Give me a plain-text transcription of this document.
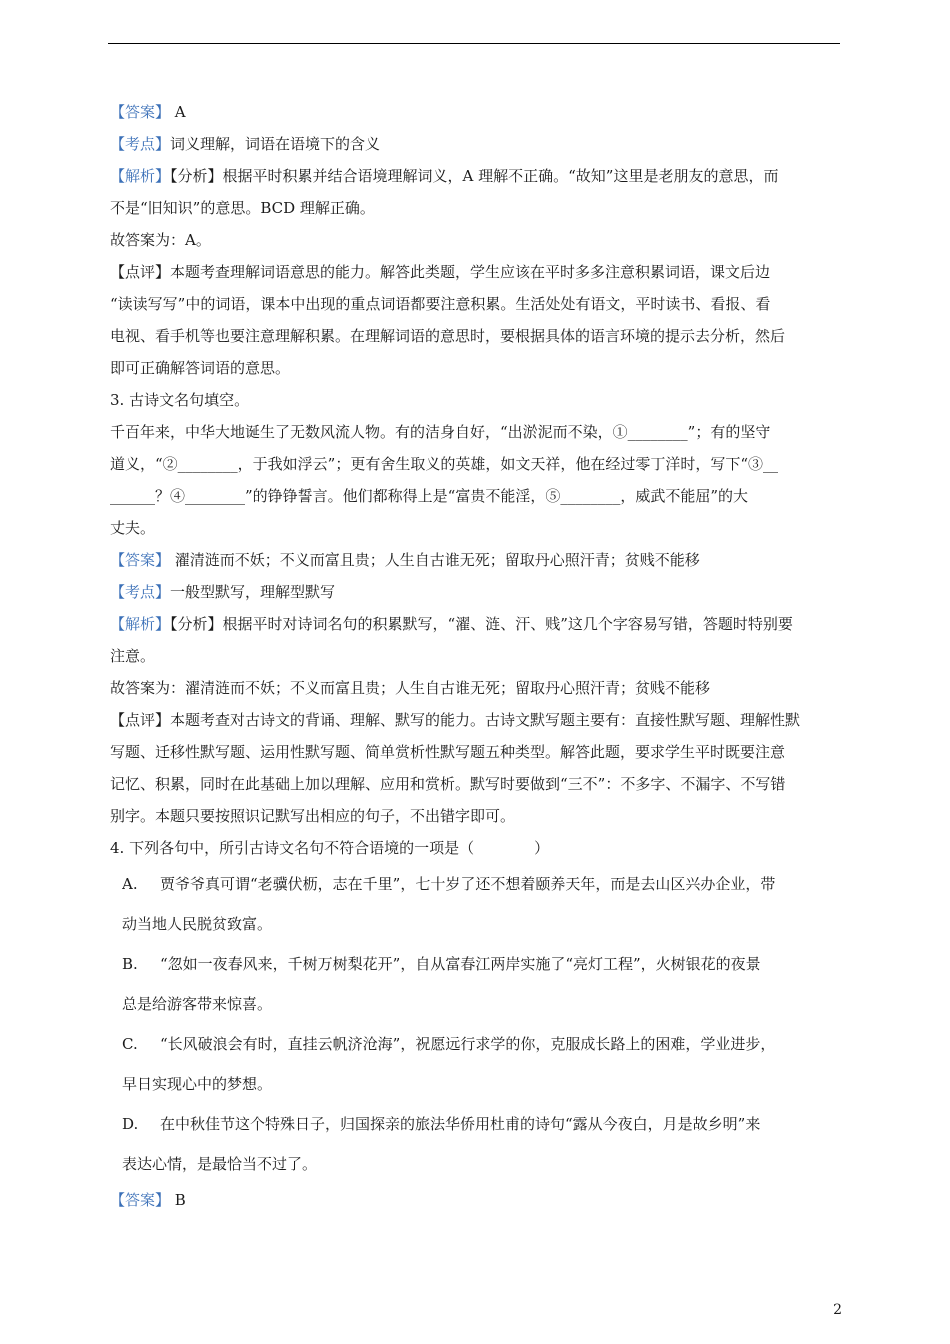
【答案】 A
【考点】词义理解，词语在语境下的含义
【解析】【分析】根据平时积累并结合语境理解词义，A 理解不正确。“故知”这里是老朋友的意思，而
不是“旧知识”的意思。BCD 理解正确。
故答案为：A。
【点评】本题考查理解词语意思的能力。解答此类题，学生应该在平时多多注意积累词语，课文后边
“读读写写”中的词语，课本中出现的重点词语都要注意积累。生活处处有语文，平时读书、看报、看
电视、看手机等也要注意理解积累。在理解词语的意思时，要根据具体的语言环境的提示去分析，然后
即可正确解答词语的意思。
3. 古诗文名句填空。
千百年来，中华大地诞生了无数风流人物。有的洁身自好，“出淤泥而不染，①________”；有的坚守
道义，“②________，于我如浮云”；更有舍生取义的英雄，如文天祥，他在经过零丁洋时，写下“③__
______？④________”的铮铮誓言。他们都称得上是“富贵不能淫，⑤________，威武不能屈”的大
丈夫。
【答案】 濯清涟而不妖；不义而富且贵；人生自古谁无死；留取丹心照汗青；贫贱不能移
【考点】一般型默写，理解型默写
【解析】【分析】根据平时对诗词名句的积累默写，“濯、涟、汗、贱”这几个字容易写错，答题时特别要
注意。
故答案为：濯清涟而不妖；不义而富且贵；人生自古谁无死；留取丹心照汗青；贫贱不能移
【点评】本题考查对古诗文的背诵、理解、默写的能力。古诗文默写题主要有：直接性默写题、理解性默
写题、迁移性默写题、运用性默写题、简单赏析性默写题五种类型。解答此题，要求学生平时既要注意
记忆、积累，同时在此基础上加以理解、应用和赏析。默写时要做到“三不”：不多字、不漏字、不写错
别字。本题只要按照识记默写出相应的句子，不出错字即可。
4. 下列各句中，所引古诗文名句不符合语境的一项是（　　　　）
A. 贾爷爷真可谓“老骥伏枥，志在千里”，七十岁了还不想着颐养天年，而是去山区兴办企业，带
动当地人民脱贫致富。
B. “忽如一夜春风来，千树万树梨花开”，自从富春江两岸实施了“亮灯工程”，火树银花的夜景
总是给游客带来惊喜。
C. “长风破浪会有时，直挂云帆济沧海”，祝愿远行求学的你，克服成长路上的困难，学业进步，
早日实现心中的梦想。
D. 在中秋佳节这个特殊日子，归国探亲的旅法华侨用杜甫的诗句“露从今夜白，月是故乡明”来
表达心情，是最恰当不过了。
【答案】 B
2
